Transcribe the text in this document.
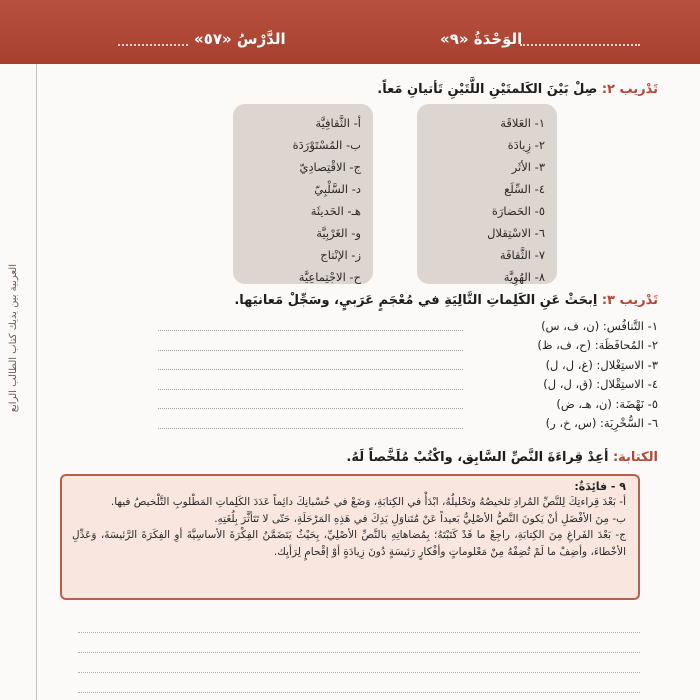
الدَّرْسُ «٥٧»	الوَحْدَةُ «٩»
العربية بين يديك كتاب الطالب الرابع
تَدْريب ٢: صِلْ بَيْنَ الكَلمتَيْنِ اللَّتَيْنِ تَأتيانِ مَعاً.
١- العَلاقَة
٢- زِيادَة
٣- الأثَر
٤- السِّلَع
٥- الحَضارَة
٦- الاسْتِقلال
٧- الثَّقافَة
٨- الهُوِيَّة
أ- الثَّقافِيَّة
ب- المُسْتَوْرَدَة
ج- الاقْتِصادِيّ
د- السَّلْبِيّ
هـ- الحَديثَة
و- الغَرْبِيَّة
ز- الإنْتاج
ح- الاجْتِماعِيَّة
تَدْريب ٣: اِبحَثْ عَنِ الكَلِماتِ التَّالِيَةِ في مُعْجَمٍ عَرَبيٍ، وسَجِّلْ مَعانيَها.
١- التَّنافُس: (ن، ف، س)
٢- المُحافَظَة: (ح، ف، ظ)
٣- الاستِغْلال: (غ، ل، ل)
٤- الاستِقْلال: (ق، ل، ل)
٥- نَهْضَة: (ن، هـ، ض)
٦- السُّخْرِيَة: (س، خ، ر)
الكتابة: أعِدْ قِراءَةَ النَّصِّ السَّابِق، واكْتُبْ مُلَخَّصاً لَهُ.
٩ - فائِدَةٌ:

أ- بَعْدَ قِراءتِكَ لِلنَّصِّ المُرادِ تَلخيصُهُ وتَحْليلُهُ، ابْدَأْ في الكِتابَةِ، وَضَعْ في حُسْبانِكَ دائِماً عَدَدَ الكَلِماتِ المَطْلوبِ التَّلْخيصُ فيها.

ب- مِنَ الأفْضَلِ أنْ يَكونَ النَّصُّ الأصْلِيُّ بَعيداً عَنْ مُتَناوَلِ يَدِكَ في هَذِهِ المَرْحَلَةِ، حَتّى لا تَتَأثَّرَ بِلُغَتِهِ.

ج- بَعْدَ الفَراغِ مِنَ الكِتابَةِ، راجِعْ ما قَدْ كَتَبْتَهُ؛ بِمُضاهاتِهِ بالنَّصِّ الأصْلِيِّ، بِحَيْثُ يَتَضَمَّنُ الفِكْرَةَ الأساسِيَّةَ أوِ الفِكَرَةَ الرَّئيسَةَ، وَعَدِّلِ الأخْطاءَ، وأضِفْ ما لَمْ تُضِفْهُ مِنْ مَعْلوماتٍ وأفْكارٍ رَئيسَةٍ دُونَ زِيادَةٍ أوْ إقْحامٍ لِرَأيِك.
